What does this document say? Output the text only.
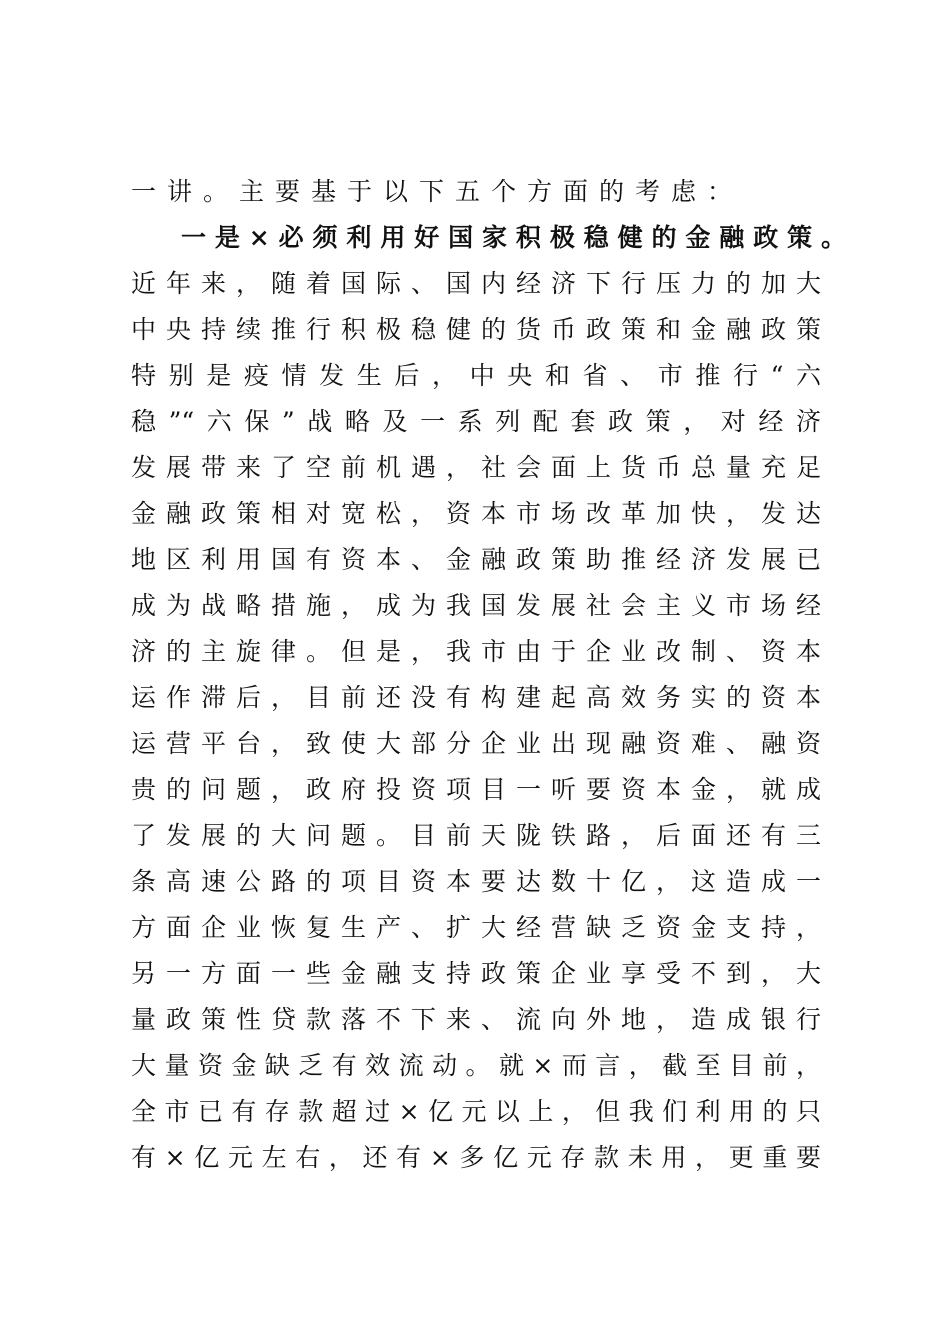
一讲。主要基于以下五个方面的考虑：
一是×必须利用好国家积极稳健的金融政策。
近年来，随着国际、国内经济下行压力的加大
中央持续推行积极稳健的货币政策和金融政策
特别是疫情发生后，中央和省、市推行“六
稳”“六保”战略及一系列配套政策，对经济
发展带来了空前机遇，社会面上货币总量充足
金融政策相对宽松，资本市场改革加快，发达
地区利用国有资本、金融政策助推经济发展已
成为战略措施，成为我国发展社会主义市场经
济的主旋律。但是，我市由于企业改制、资本
运作滞后，目前还没有构建起高效务实的资本
运营平台，致使大部分企业出现融资难、融资
贵的问题，政府投资项目一听要资本金，就成
了发展的大问题。目前天陇铁路，后面还有三
条高速公路的项目资本要达数十亿，这造成一
方面企业恢复生产、扩大经营缺乏资金支持，
另一方面一些金融支持政策企业享受不到，大
量政策性贷款落不下来、流向外地，造成银行
大量资金缺乏有效流动。就×而言，截至目前，
全市已有存款超过×亿元以上，但我们利用的只
有×亿元左右，还有×多亿元存款未用，更重要
